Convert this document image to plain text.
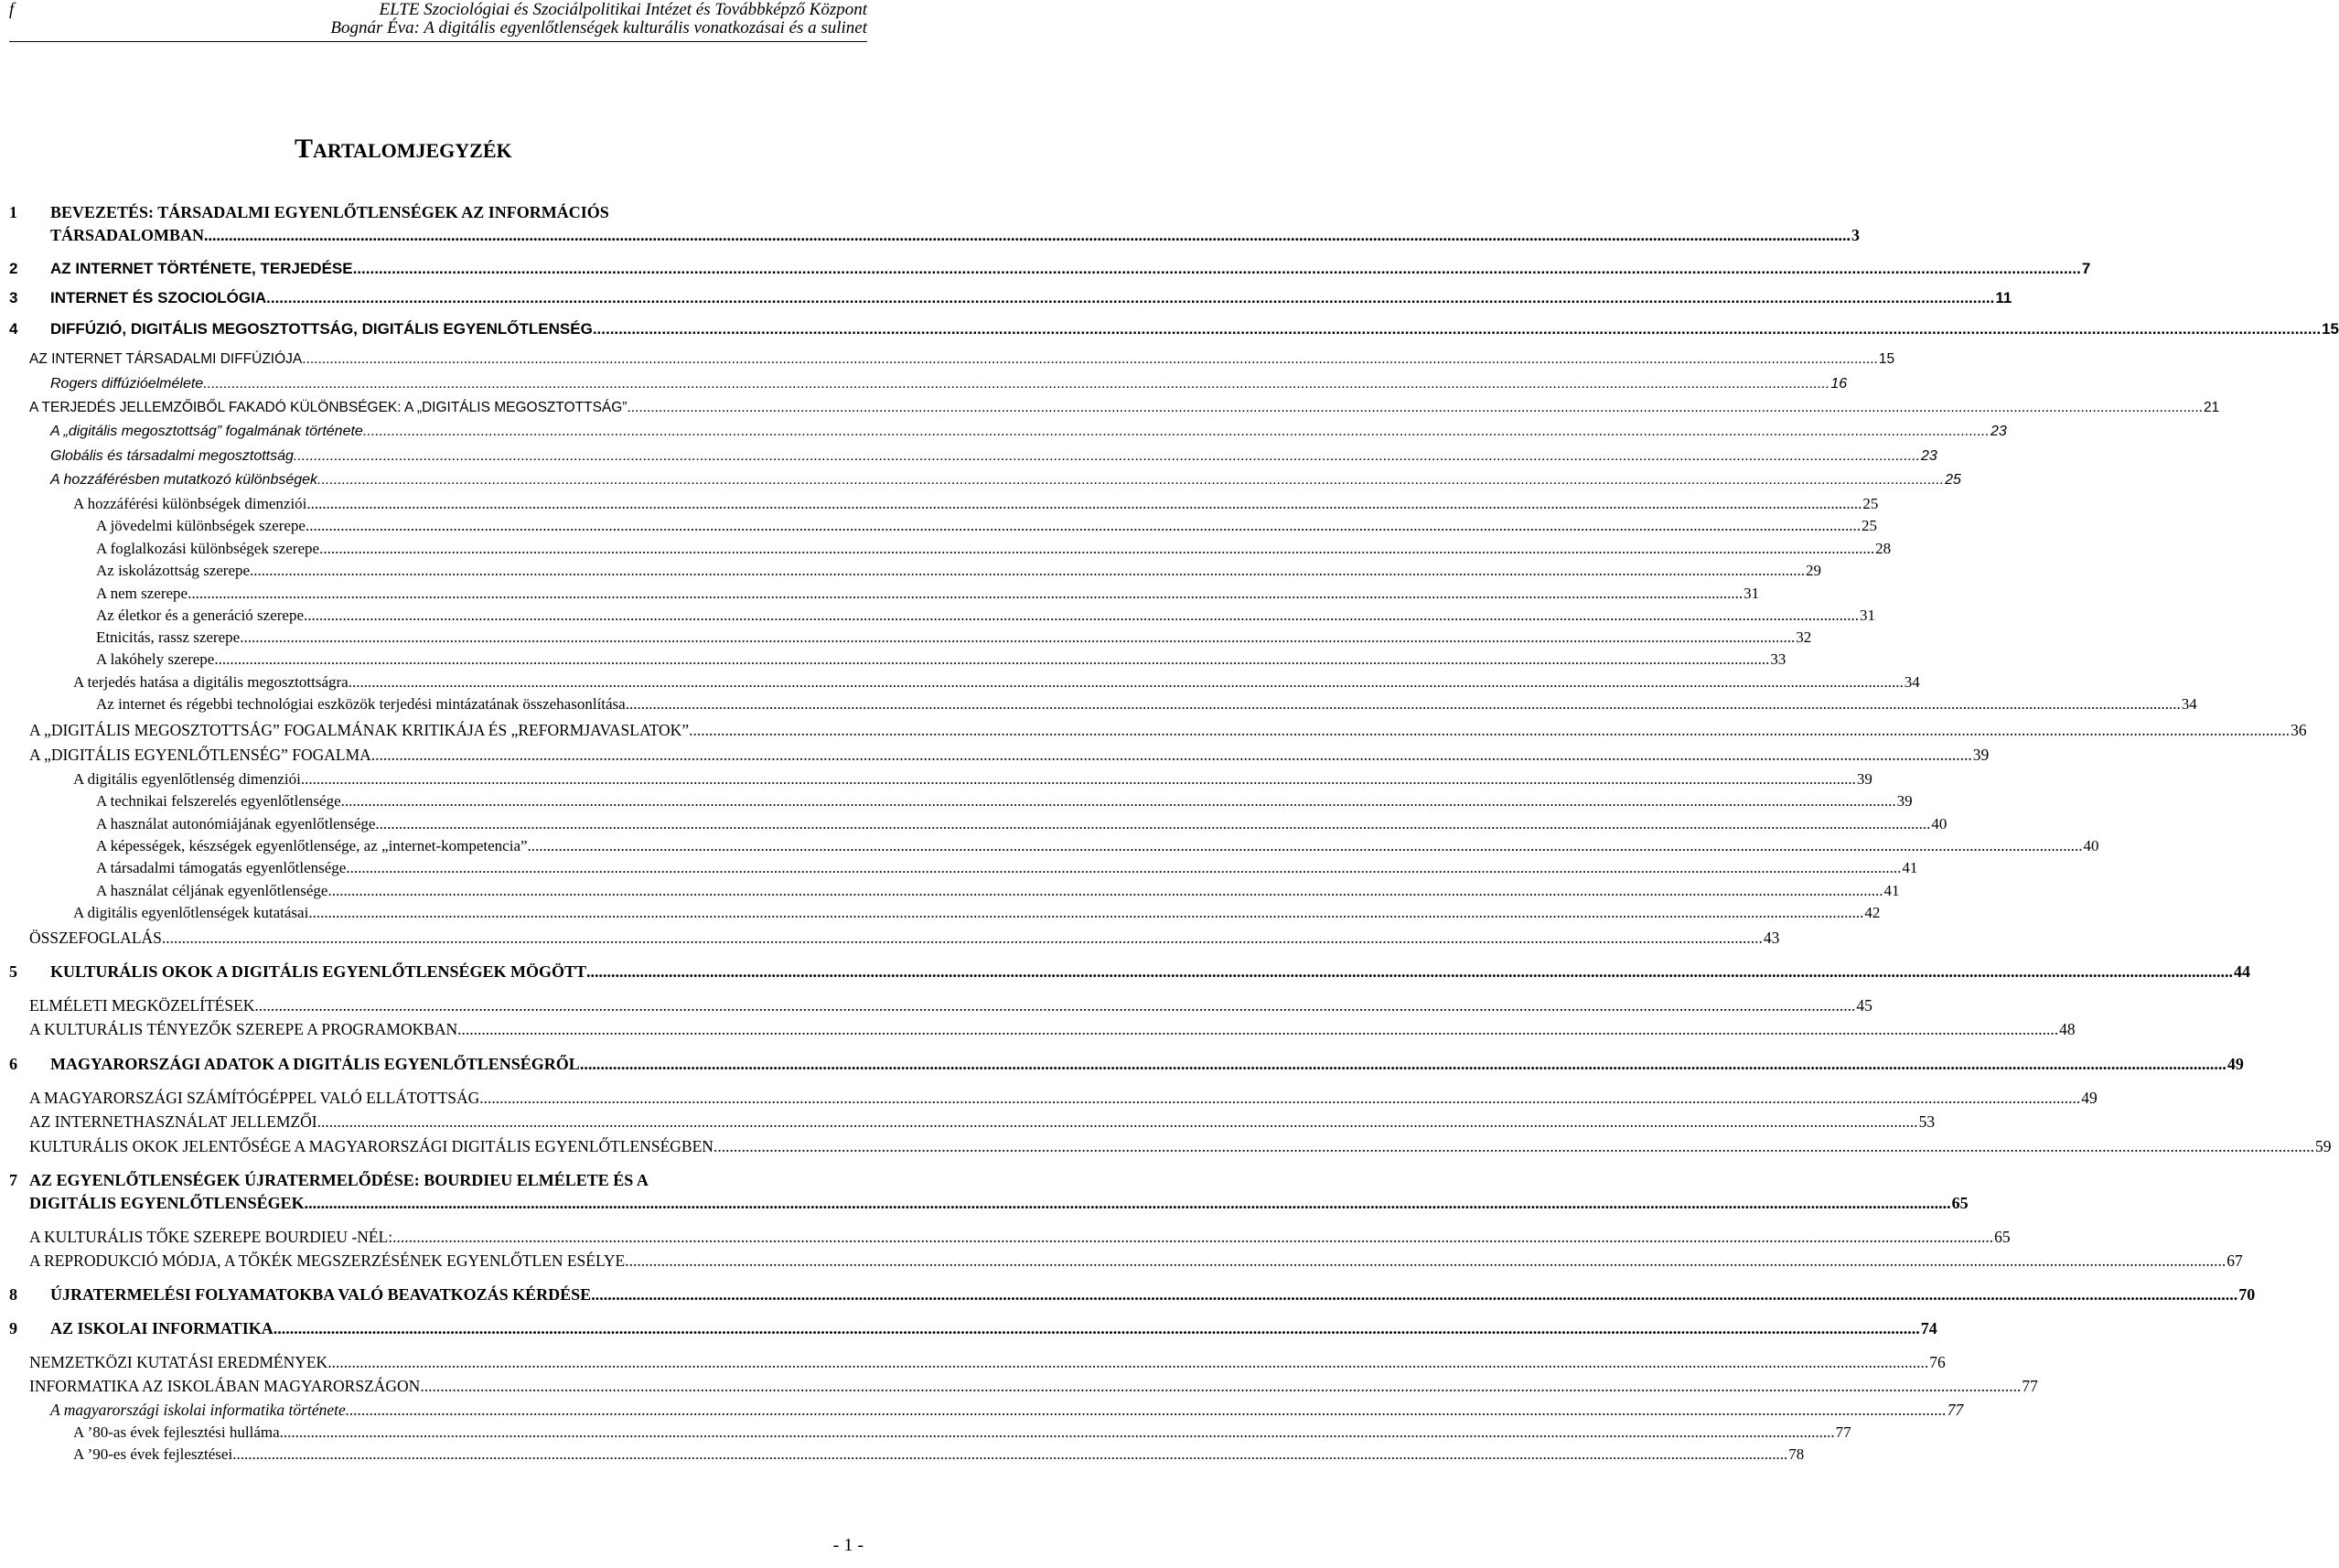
f	ELTE Szociológiai és Szociálpolitikai Intézet és Továbbképző Központ
Bognár Éva: A digitális egyenlőtlenségek kulturális vonatkozásai és a sulinet
TARTALOMJEGYZÉK
1 BEVEZETÉS: TÁRSADALMI EGYENLŐTLENSÉGEK AZ INFORMÁCIÓS
TÁRSADALOMBAN ................................................................................................................................................................................................................................................................................................................................................................................................................ 3
2 AZ INTERNET TÖRTÉNETE, TERJEDÉSE ................................................................................................................................................................................................................................................................................................................................................................................................................ 7
3 INTERNET ÉS SZOCIOLÓGIA ................................................................................................................................................................................................................................................................................................................................................................................................................ 11
4 DIFFÚZIÓ, DIGITÁLIS MEGOSZTOTTSÁG, DIGITÁLIS EGYENLŐTLENSÉG ................................................................................................................................................................................................................................................................................................................................................................................................................ 15
AZ INTERNET TÁRSADALMI DIFFÚZIÓJA ................................................................................................................................................................................................................................................................................................................................................................................................................ 15
Rogers diffúzióelmélete ................................................................................................................................................................................................................................................................................................................................................................................................................ 16
A TERJEDÉS JELLEMZŐIBŐL FAKADÓ KÜLÖNBSÉGEK: A „DIGITÁLIS MEGOSZTOTTSÁG” ................................................................................................................................................................................................................................................................................................................................................................................................................ 21
A „digitális megosztottság” fogalmának története ................................................................................................................................................................................................................................................................................................................................................................................................................ 23
Globális és társadalmi megosztottság ................................................................................................................................................................................................................................................................................................................................................................................................................ 23
A hozzáférésben mutatkozó különbségek ................................................................................................................................................................................................................................................................................................................................................................................................................ 25
A hozzáférési különbségek dimenziói ................................................................................................................................................................................................................................................................................................................................................................................................................ 25
A jövedelmi különbségek szerepe ................................................................................................................................................................................................................................................................................................................................................................................................................ 25
A foglalkozási különbségek szerepe ................................................................................................................................................................................................................................................................................................................................................................................................................ 28
Az iskolázottság szerepe ................................................................................................................................................................................................................................................................................................................................................................................................................ 29
A nem szerepe ................................................................................................................................................................................................................................................................................................................................................................................................................ 31
Az életkor és a generáció szerepe ................................................................................................................................................................................................................................................................................................................................................................................................................ 31
Etnicitás, rassz szerepe ................................................................................................................................................................................................................................................................................................................................................................................................................ 32
A lakóhely szerepe ................................................................................................................................................................................................................................................................................................................................................................................................................ 33
A terjedés hatása a digitális megosztottságra ................................................................................................................................................................................................................................................................................................................................................................................................................ 34
Az internet és régebbi technológiai eszközök terjedési mintázatának összehasonlítása ................................................................................................................................................................................................................................................................................................................................................................................................................ 34
A „DIGITÁLIS MEGOSZTOTTSÁG” FOGALMÁNAK KRITIKÁJA ÉS „REFORMJAVASLATOK” ................................................................................................................................................................................................................................................................................................................................................................................................................ 36
A „DIGITÁLIS EGYENLŐTLENSÉG” FOGALMA ................................................................................................................................................................................................................................................................................................................................................................................................................ 39
A digitális egyenlőtlenség dimenziói ................................................................................................................................................................................................................................................................................................................................................................................................................ 39
A technikai felszerelés egyenlőtlensége ................................................................................................................................................................................................................................................................................................................................................................................................................ 39
A használat autonómiájának egyenlőtlensége ................................................................................................................................................................................................................................................................................................................................................................................................................ 40
A képességek, készségek egyenlőtlensége, az „internet-kompetencia” ................................................................................................................................................................................................................................................................................................................................................................................................................ 40
A társadalmi támogatás egyenlőtlensége ................................................................................................................................................................................................................................................................................................................................................................................................................ 41
A használat céljának egyenlőtlensége ................................................................................................................................................................................................................................................................................................................................................................................................................ 41
A digitális egyenlőtlenségek kutatásai ................................................................................................................................................................................................................................................................................................................................................................................................................ 42
ÖSSZEFOGLALÁS ................................................................................................................................................................................................................................................................................................................................................................................................................ 43
5 KULTURÁLIS OKOK A DIGITÁLIS EGYENLŐTLENSÉGEK MÖGÖTT ................................................................................................................................................................................................................................................................................................................................................................................................................ 44
ELMÉLETI MEGKÖZELÍTÉSEK ................................................................................................................................................................................................................................................................................................................................................................................................................ 45
A KULTURÁLIS TÉNYEZŐK SZEREPE A PROGRAMOKBAN ................................................................................................................................................................................................................................................................................................................................................................................................................ 48
6 MAGYARORSZÁGI ADATOK A DIGITÁLIS EGYENLŐTLENSÉGRŐL ................................................................................................................................................................................................................................................................................................................................................................................................................ 49
A MAGYARORSZÁGI SZÁMÍTÓGÉPPEL VALÓ ELLÁTOTTSÁG ................................................................................................................................................................................................................................................................................................................................................................................................................ 49
AZ INTERNETHASZNÁLAT JELLEMZŐI ................................................................................................................................................................................................................................................................................................................................................................................................................ 53
KULTURÁLIS OKOK JELENTŐSÉGE A MAGYARORSZÁGI DIGITÁLIS EGYENLŐTLENSÉGBEN ................................................................................................................................................................................................................................................................................................................................................................................................................ 59
7 AZ EGYENLŐTLENSÉGEK ÚJRATERMELŐDÉSE: BOURDIEU ELMÉLETE ÉS A
DIGITÁLIS EGYENLŐTLENSÉGEK ................................................................................................................................................................................................................................................................................................................................................................................................................ 65
A KULTURÁLIS TŐKE SZEREPE BOURDIEU -NÉL: ................................................................................................................................................................................................................................................................................................................................................................................................................ 65
A REPRODUKCIÓ MÓDJA, A TŐKÉK MEGSZERZÉSÉNEK EGYENLŐTLEN ESÉLYE ................................................................................................................................................................................................................................................................................................................................................................................................................ 67
8 ÚJRATERMELÉSI FOLYAMATOKBA VALÓ BEAVATKOZÁS KÉRDÉSE ................................................................................................................................................................................................................................................................................................................................................................................................................ 70
9 AZ ISKOLAI INFORMATIKA ................................................................................................................................................................................................................................................................................................................................................................................................................ 74
NEMZETKÖZI KUTATÁSI EREDMÉNYEK ................................................................................................................................................................................................................................................................................................................................................................................................................ 76
INFORMATIKA AZ ISKOLÁBAN MAGYARORSZÁGON ................................................................................................................................................................................................................................................................................................................................................................................................................ 77
A magyarországi iskolai informatika története ................................................................................................................................................................................................................................................................................................................................................................................................................ 77
A ’80-as évek fejlesztési hulláma ................................................................................................................................................................................................................................................................................................................................................................................................................ 77
A ’90-es évek fejlesztései ................................................................................................................................................................................................................................................................................................................................................................................................................ 78
- 1 -
